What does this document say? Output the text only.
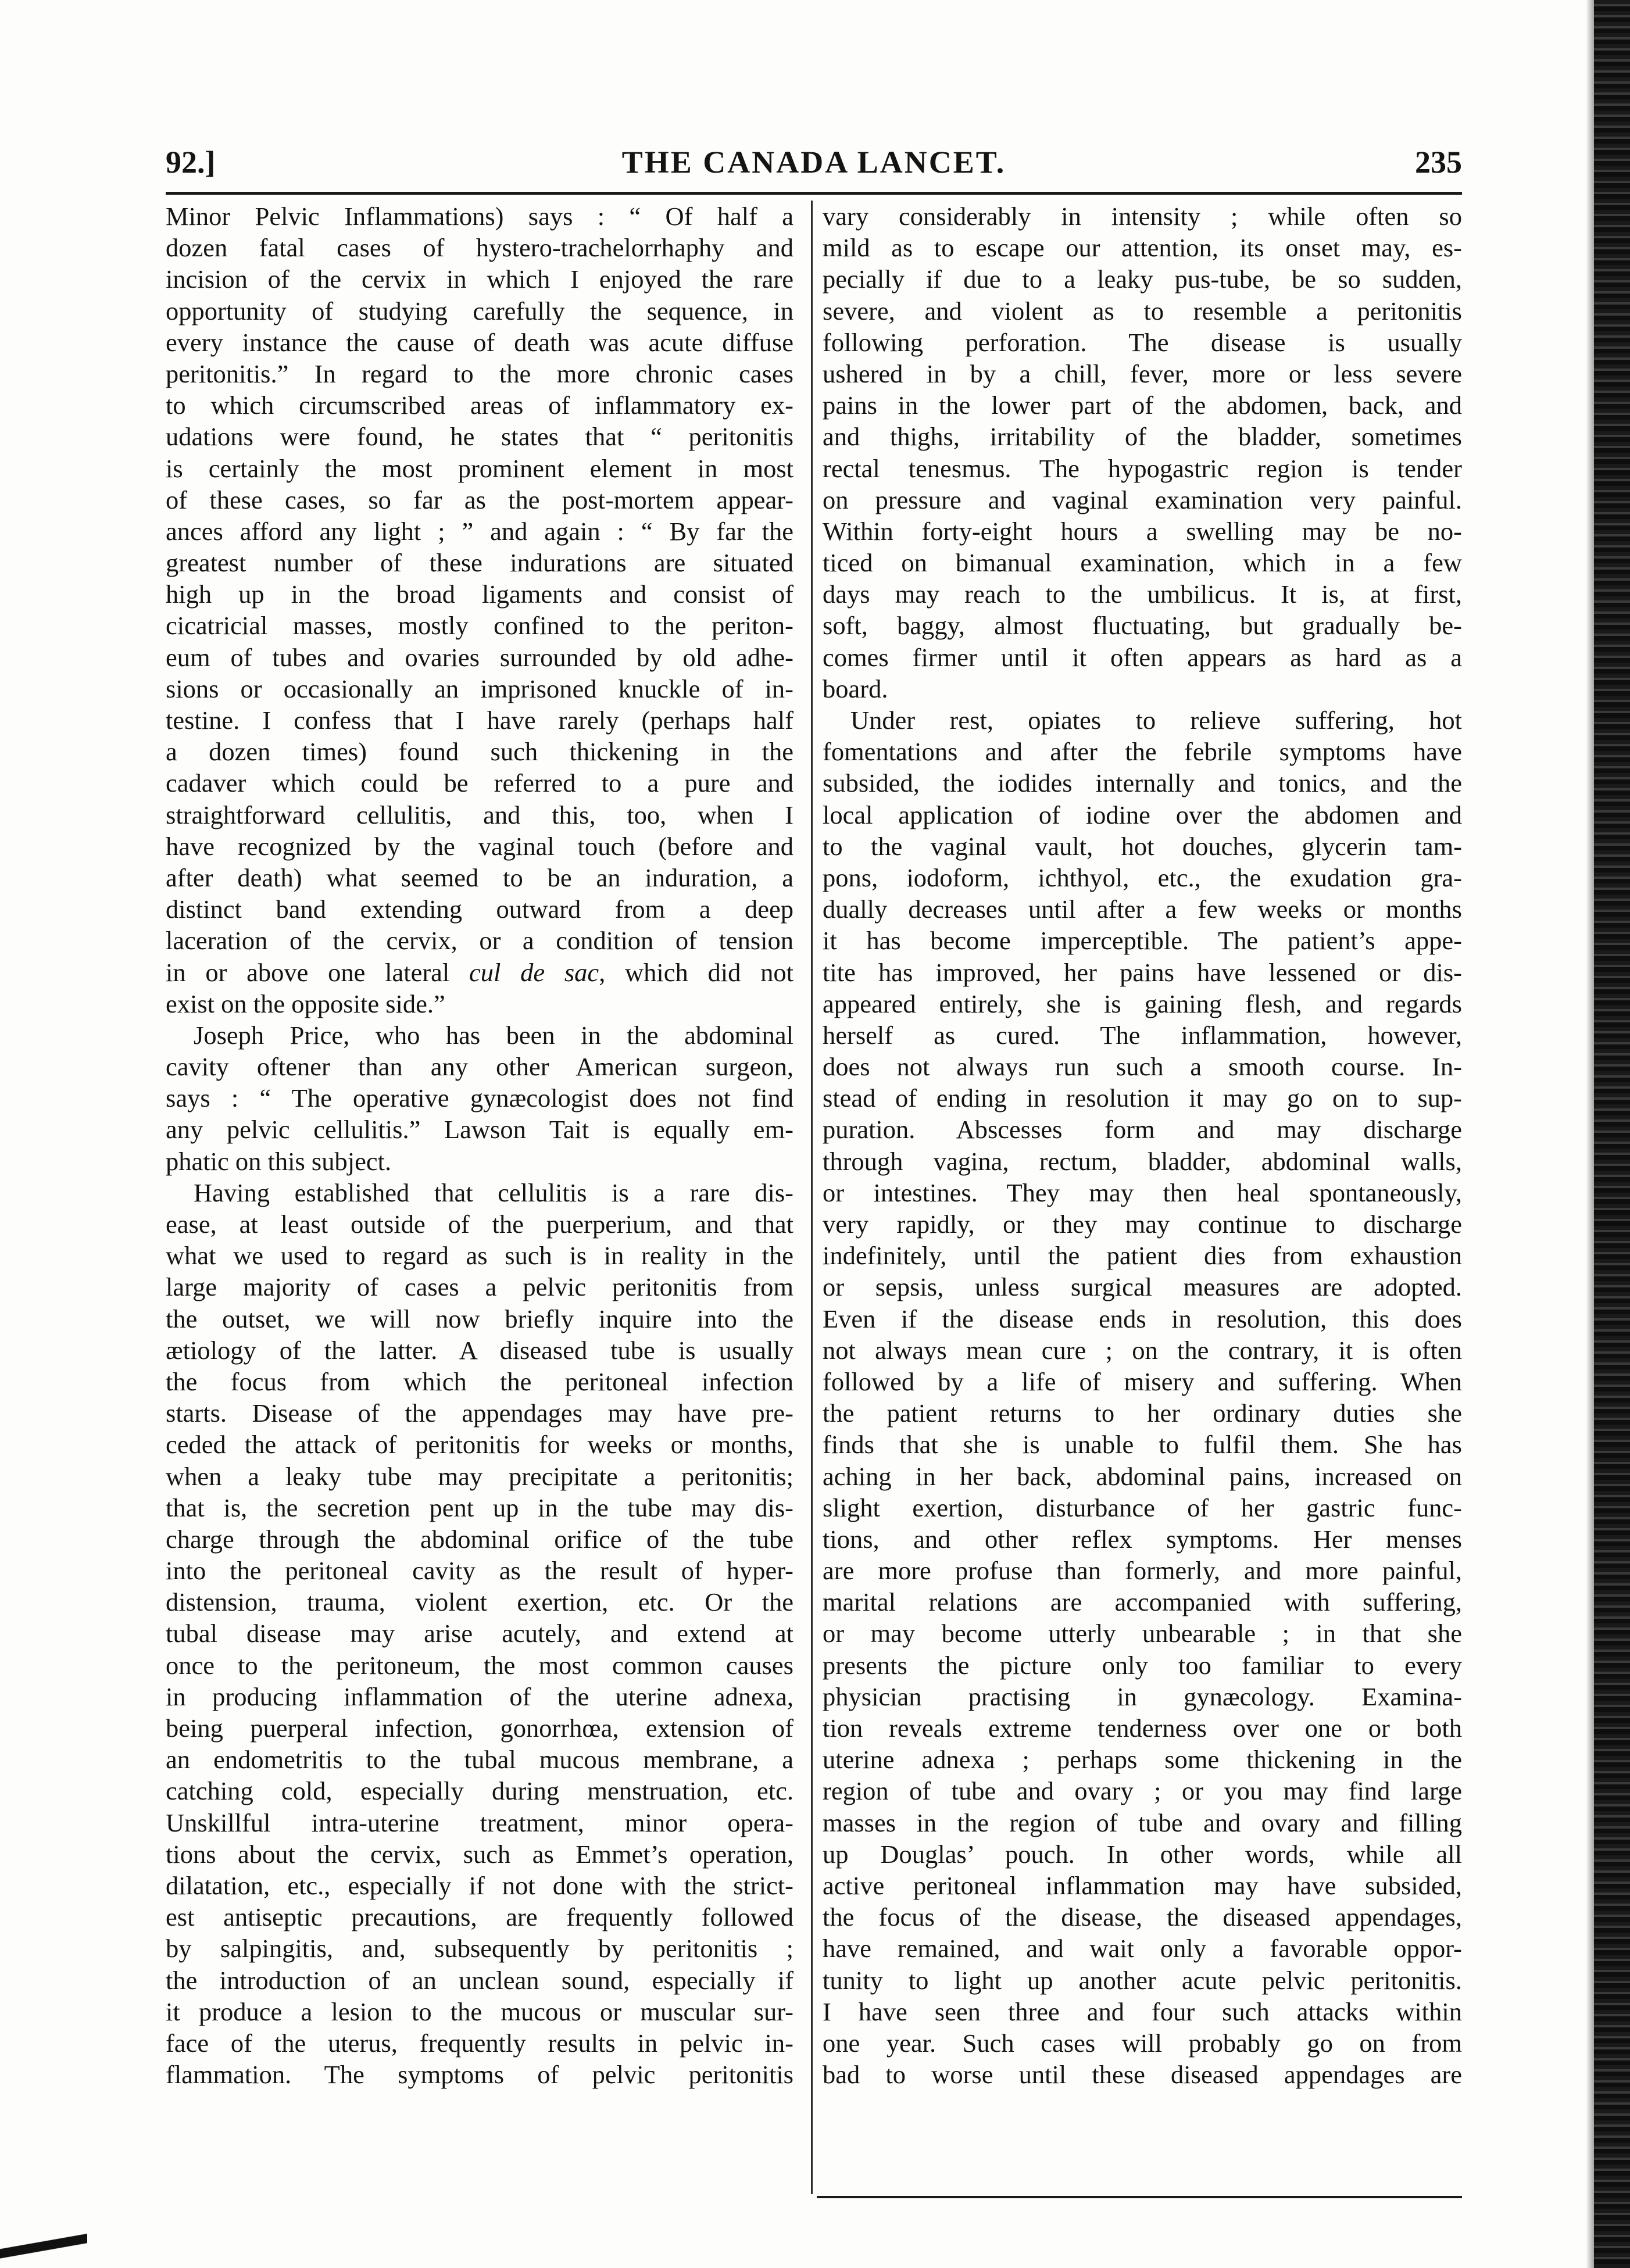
92.]	THE CANADA LANCET.	235
Minor Pelvic Inflammations) says : “ Of half a
dozen fatal cases of hystero-trachelorrhaphy and
incision of the cervix in which I enjoyed the rare
opportunity of studying carefully the sequence, in
every instance the cause of death was acute diffuse
peritonitis.” In regard to the more chronic cases
to which circumscribed areas of inflammatory ex-
udations were found, he states that “ peritonitis
is certainly the most prominent element in most
of these cases, so far as the post-mortem appear-
ances afford any light ; ” and again : “ By far the
greatest number of these indurations are situated
high up in the broad ligaments and consist of
cicatricial masses, mostly confined to the periton-
eum of tubes and ovaries surrounded by old adhe-
sions or occasionally an imprisoned knuckle of in-
testine. I confess that I have rarely (perhaps half
a dozen times) found such thickening in the
cadaver which could be referred to a pure and
straightforward cellulitis, and this, too, when I
have recognized by the vaginal touch (before and
after death) what seemed to be an induration, a
distinct band extending outward from a deep
laceration of the cervix, or a condition of tension
in or above one lateral cul de sac, which did not
exist on the opposite side.”
Joseph Price, who has been in the abdominal
cavity oftener than any other American surgeon,
says : “ The operative gynæcologist does not find
any pelvic cellulitis.” Lawson Tait is equally em-
phatic on this subject.
Having established that cellulitis is a rare dis-
ease, at least outside of the puerperium, and that
what we used to regard as such is in reality in the
large majority of cases a pelvic peritonitis from
the outset, we will now briefly inquire into the
ætiology of the latter. A diseased tube is usually
the focus from which the peritoneal infection
starts. Disease of the appendages may have pre-
ceded the attack of peritonitis for weeks or months,
when a leaky tube may precipitate a peritonitis;
that is, the secretion pent up in the tube may dis-
charge through the abdominal orifice of the tube
into the peritoneal cavity as the result of hyper-
distension, trauma, violent exertion, etc. Or the
tubal disease may arise acutely, and extend at
once to the peritoneum, the most common causes
in producing inflammation of the uterine adnexa,
being puerperal infection, gonorrhœa, extension of
an endometritis to the tubal mucous membrane, a
catching cold, especially during menstruation, etc.
Unskillful intra-uterine treatment, minor opera-
tions about the cervix, such as Emmet’s operation,
dilatation, etc., especially if not done with the strict-
est antiseptic precautions, are frequently followed
by salpingitis, and, subsequently by peritonitis ;
the introduction of an unclean sound, especially if
it produce a lesion to the mucous or muscular sur-
face of the uterus, frequently results in pelvic in-
flammation. The symptoms of pelvic peritonitis
vary considerably in intensity ; while often so
mild as to escape our attention, its onset may, es-
pecially if due to a leaky pus-tube, be so sudden,
severe, and violent as to resemble a peritonitis
following perforation. The disease is usually
ushered in by a chill, fever, more or less severe
pains in the lower part of the abdomen, back, and
and thighs, irritability of the bladder, sometimes
rectal tenesmus. The hypogastric region is tender
on pressure and vaginal examination very painful.
Within forty-eight hours a swelling may be no-
ticed on bimanual examination, which in a few
days may reach to the umbilicus. It is, at first,
soft, baggy, almost fluctuating, but gradually be-
comes firmer until it often appears as hard as a
board.
Under rest, opiates to relieve suffering, hot
fomentations and after the febrile symptoms have
subsided, the iodides internally and tonics, and the
local application of iodine over the abdomen and
to the vaginal vault, hot douches, glycerin tam-
pons, iodoform, ichthyol, etc., the exudation gra-
dually decreases until after a few weeks or months
it has become imperceptible. The patient’s appe-
tite has improved, her pains have lessened or dis-
appeared entirely, she is gaining flesh, and regards
herself as cured. The inflammation, however,
does not always run such a smooth course. In-
stead of ending in resolution it may go on to sup-
puration. Abscesses form and may discharge
through vagina, rectum, bladder, abdominal walls,
or intestines. They may then heal spontaneously,
very rapidly, or they may continue to discharge
indefinitely, until the patient dies from exhaustion
or sepsis, unless surgical measures are adopted.
Even if the disease ends in resolution, this does
not always mean cure ; on the contrary, it is often
followed by a life of misery and suffering. When
the patient returns to her ordinary duties she
finds that she is unable to fulfil them. She has
aching in her back, abdominal pains, increased on
slight exertion, disturbance of her gastric func-
tions, and other reflex symptoms. Her menses
are more profuse than formerly, and more painful,
marital relations are accompanied with suffering,
or may become utterly unbearable ; in that she
presents the picture only too familiar to every
physician practising in gynæcology. Examina-
tion reveals extreme tenderness over one or both
uterine adnexa ; perhaps some thickening in the
region of tube and ovary ; or you may find large
masses in the region of tube and ovary and filling
up Douglas’ pouch. In other words, while all
active peritoneal inflammation may have subsided,
the focus of the disease, the diseased appendages,
have remained, and wait only a favorable oppor-
tunity to light up another acute pelvic peritonitis.
I have seen three and four such attacks within
one year. Such cases will probably go on from
bad to worse until these diseased appendages are
